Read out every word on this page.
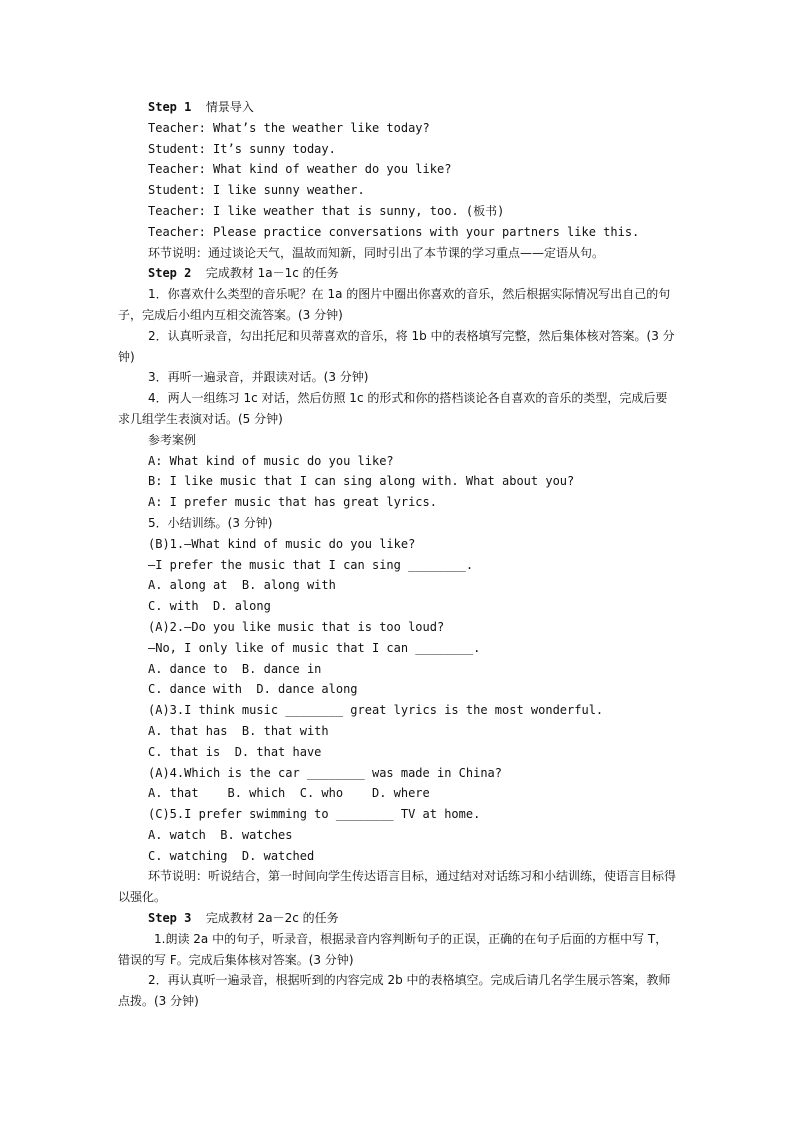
Step 1 情景导入
Teacher: What’s the weather like today?
Student: It’s sunny today.
Teacher: What kind of weather do you like?
Student: I like sunny weather.
Teacher: I like weather that is sunny, too. (板书)
Teacher: Please practice conversations with your partners like this.
环节说明：通过谈论天气，温故而知新，同时引出了本节课的学习重点——定语从句。
Step 2 完成教材 1a－1c 的任务
1．你喜欢什么类型的音乐呢？在 1a 的图片中圈出你喜欢的音乐，然后根据实际情况写出自己的句子，完成后小组内互相交流答案。(3 分钟)
2．认真听录音，勾出托尼和贝蒂喜欢的音乐，将 1b 中的表格填写完整，然后集体核对答案。(3 分钟)
3．再听一遍录音，并跟读对话。(3 分钟)
4．两人一组练习 1c 对话，然后仿照 1c 的形式和你的搭档谈论各自喜欢的音乐的类型，完成后要求几组学生表演对话。(5 分钟)
参考案例
A: What kind of music do you like?
B: I like music that I can sing along with. What about you?
A: I prefer music that has great lyrics.
5．小结训练。(3 分钟)
(B)1.—What kind of music do you like?
—I prefer the music that I can sing ________.
A. along at  B. along with
C. with  D. along
(A)2.—Do you like music that is too loud?
—No, I only like of music that I can ________.
A. dance to  B. dance in
C. dance with  D. dance along
(A)3.I think music ________ great lyrics is the most wonderful.
A. that has  B. that with
C. that is  D. that have
(A)4.Which is the car ________ was made in China?
A. that    B. which  C. who    D. where
(C)5.I prefer swimming to ________ TV at home.
A. watch  B. watches
C. watching  D. watched
环节说明：听说结合，第一时间向学生传达语言目标，通过结对对话练习和小结训练，使语言目标得以强化。
Step 3 完成教材 2a－2c 的任务
1.朗读 2a 中的句子，听录音，根据录音内容判断句子的正误，正确的在句子后面的方框中写 T，错误的写 F。完成后集体核对答案。(3 分钟)
2．再认真听一遍录音，根据听到的内容完成 2b 中的表格填空。完成后请几名学生展示答案，教师点拨。(3 分钟)
